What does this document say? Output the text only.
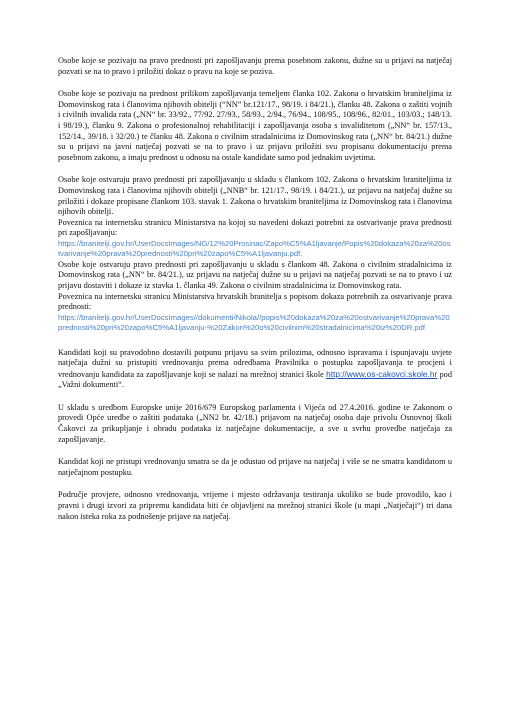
Osobe koje se pozivaju na pravo prednosti pri zapošljavanju prema posebnom zakonu, dužne su u prijavi na natječaj pozvati se na to pravo i priložiti dokaz o pravu na koje se poziva.

Osobe koje se pozivaju na prednost prilikom zapošljavanja temeljem članka 102. Zakona o hrvatskim braniteljima iz Domovinskog rata i članovima njihovih obitelji (“NN” br.121/17., 98/19. i 84/21.), članku 48. Zakona o zaštiti vojnih i civilnih invalida rata („NN“ br. 33/92., 77/92. 27/93., 58/93., 2/94., 76/94., 108/95., 108/96., 82/01., 103/03.; 148/13. i 98/19.), članku 9. Zakona o profesionalnoj rehabilitaciji i zapošljavanja osoba s invaliditetom („NN“ br. 157/13., 152/14., 39/18. i 32/20.) te članku 48. Zakona o civilnim stradalnicima iz Domovinskog rata („NN“ br. 84/21.) dužne su u prijavi na javni natječaj pozvati se na to pravo i uz prijavu priložiti svu propisanu dokumentaciju prema posebnom zakonu, a imaju prednost u odnosu na ostale kandidate samo pod jednakim uvjetima.

Osobe koje ostvaruju pravo prednosti pri zapošljavanju u skladu s člankom 102. Zakona o hrvatskim braniteljima iz Domovinskog rata i članovima njihovih obitelji („NNB“ br. 121/17., 98/19. i 84/21.), uz prijavu na natječaj dužne su priložiti i dokaze propisane člankom 103. stavak 1. Zakona o hrvatskim braniteljima iz Domovinskog rata i članovima njihovih obitelji.

Poveznica na internetsku stranicu Ministarstva na kojoj su navedeni dokazi potrebni za ostvarivanje prava prednosti pri zapošljavanju:

https://branitelji.gov.hr/UserDocsImages/NG/12%20Prosinac/Zapo%C5%A1ljavanje/Popis%20dokaza%20za%20ostvarivanje%20prava%20prednosti%20pri%20zapo%C5%A1ljavanju.pdf.

Osobe koje ostvaruju pravo prednosti pri zapošljavanju u skladu s člankom 48. Zakona o civilnim stradalnicima iz Domovinskog rata („NN“ br. 84/21.), uz prijavu na natječaj dužne su u prijavi na natječaj pozvati se na to pravo i uz prijavu dostaviti i dokaze iz stavka 1. članka 49. Zakona o civilnim stradalnicima iz Domovinskog rata.

Poveznica na internetsku stranicu Ministarstva hrvatskih branitelja s popisom dokaza potrebnih za ostvarivanje prava prednosti:

https://branitelji.gov.hr/UserDocsImages//dokumenti/Nikola//popis%20dokaza%20za%20ostvarivanje%20prava%20prednosti%20pri%20zapo%C5%A1ljavanju-%20Zakon%20o%20civilnim%20stradalnicima%20iz%20DR.pdf

Kandidati koji su pravodobno dostavili potpunu prijavu sa svim prilozima, odnosno ispravama i ispunjavaju uvjete natječaja dužni su pristupiti vrednovanju prema odredbama Pravilnika o postupku zapošljavanja te procjeni i vrednovanju kandidata za zapošljavanje koji se nalazi na mrežnoj stranici škole http://www.os-cakovci.skole.hr pod „Važni dokumenti“.

U skladu s uredbom Europske unije 2016/679 Europskog parlamenta i Vijeća od 27.4.2016. godine te Zakonom o provedi Opće uredbe o zaštiti podataka („NN2 br. 42/18.) prijavom na natječaj osoba daje privolu Osnovnoj školi Čakovci za prikupljanje i obradu podataka iz natječajne dokumentacije, a sve u svrhu provedbe natječaja za zapošljavanje.

Kandidat koji ne pristupi vrednovanju smatra se da je odustao od prijave na natječaj i više se ne smatra kandidatom u natječajnom postupku.

Područje provjere, odnosno vrednovanja, vrijeme i mjesto održavanja testiranja ukoliko se bude provodilo, kao i pravni i drugi izvori za pripremu kandidata biti će objavljeni na mrežnoj stranici škole (u mapi „Natječaji“) tri dana nakon isteka roka za podnošenje prijave na natječaj.
